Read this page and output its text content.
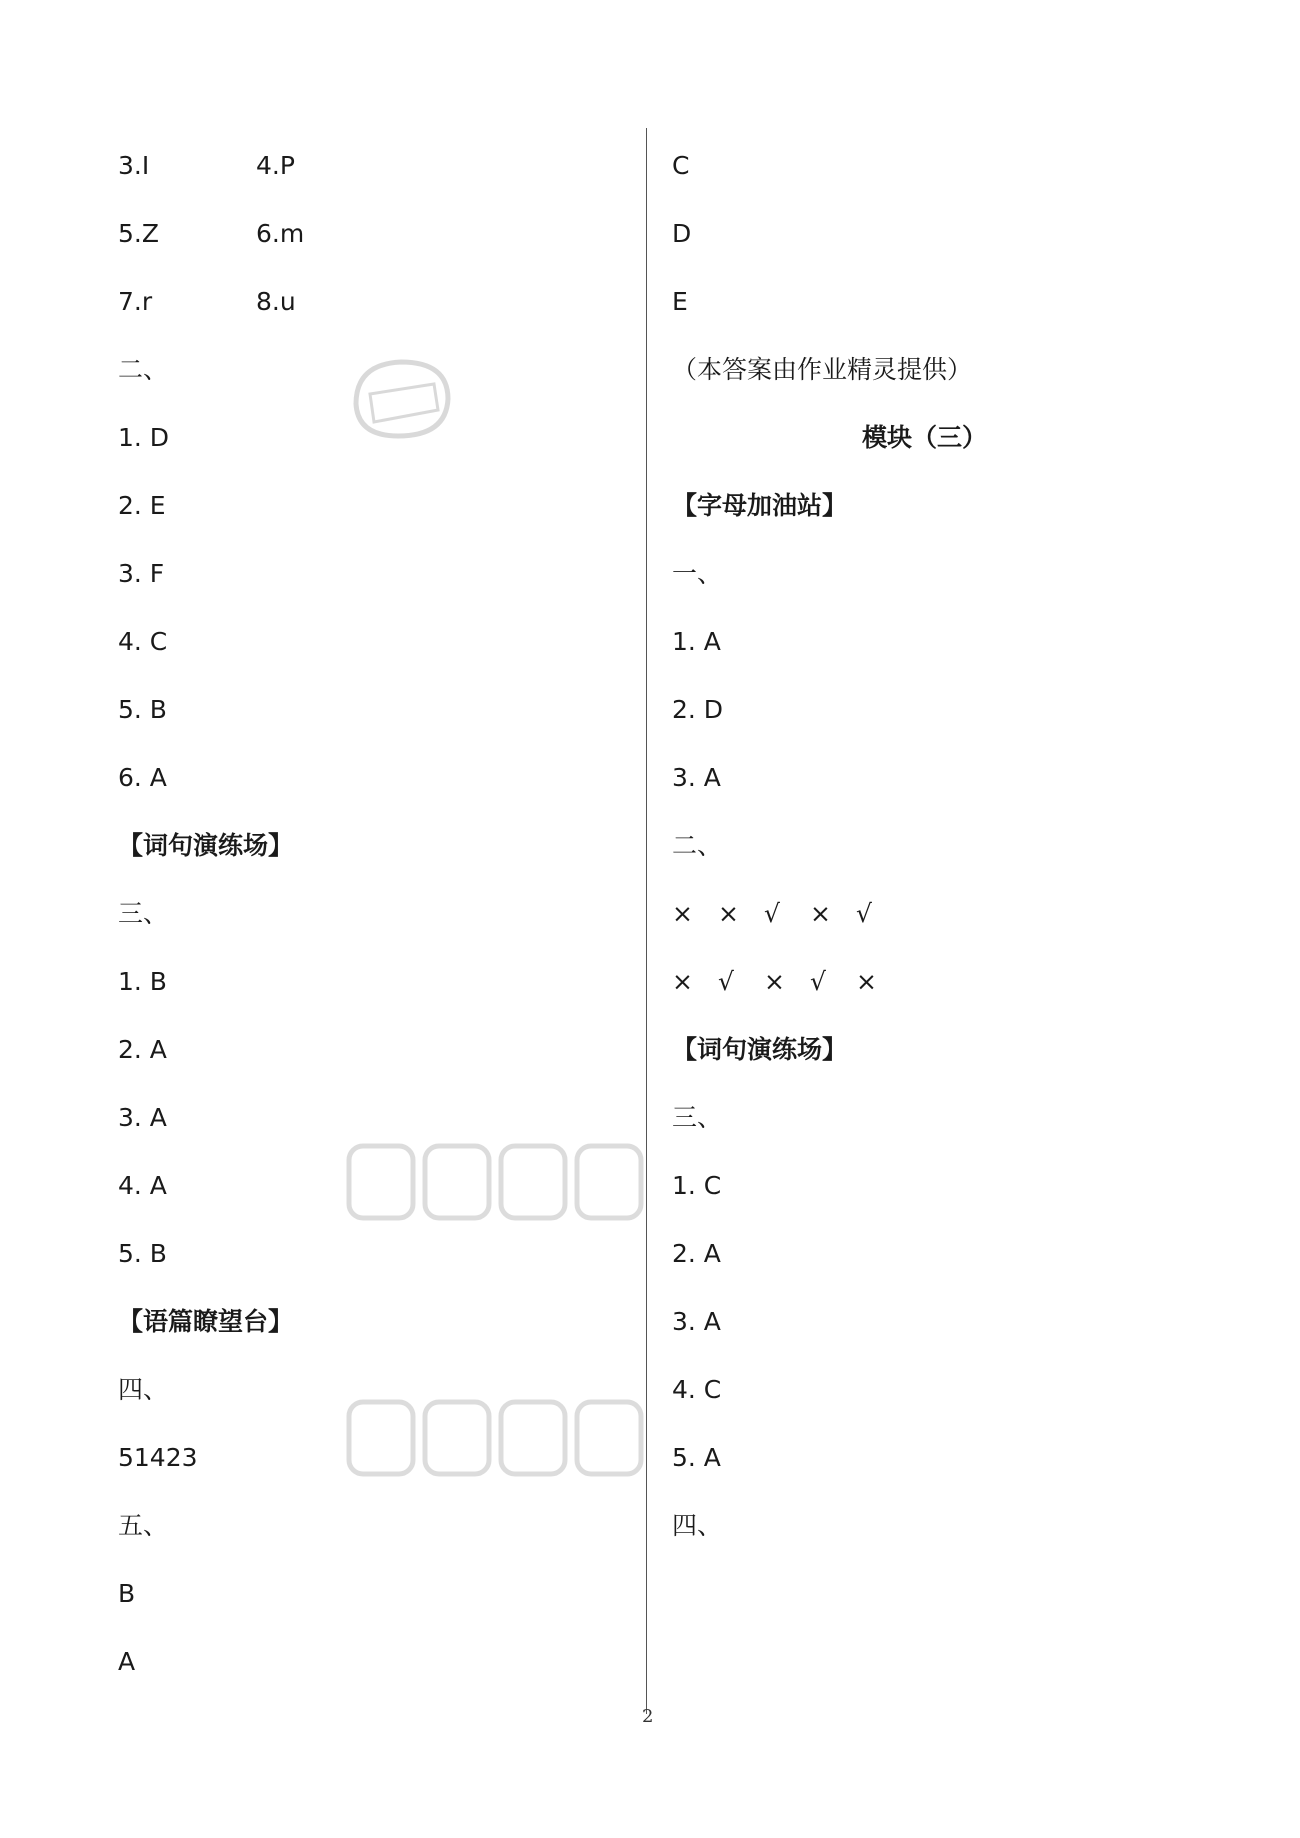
3.I	4.P
5.Z	6.m
7.r	8.u
二、
1. D
2. E
3. F
4. C
5. B
6. A
【词句演练场】
三、
1. B
2. A
3. A
4. A
5. B
【语篇瞭望台】
四、
51423
五、
B
A
C
D
E
（本答案由作业精灵提供）
模块（三）
【字母加油站】
一、
1. A
2. D
3. A
二、
× × √ × √
× √ × √ ×
【词句演练场】
三、
1. C
2. A
3. A
4. C
5. A
四、
2
